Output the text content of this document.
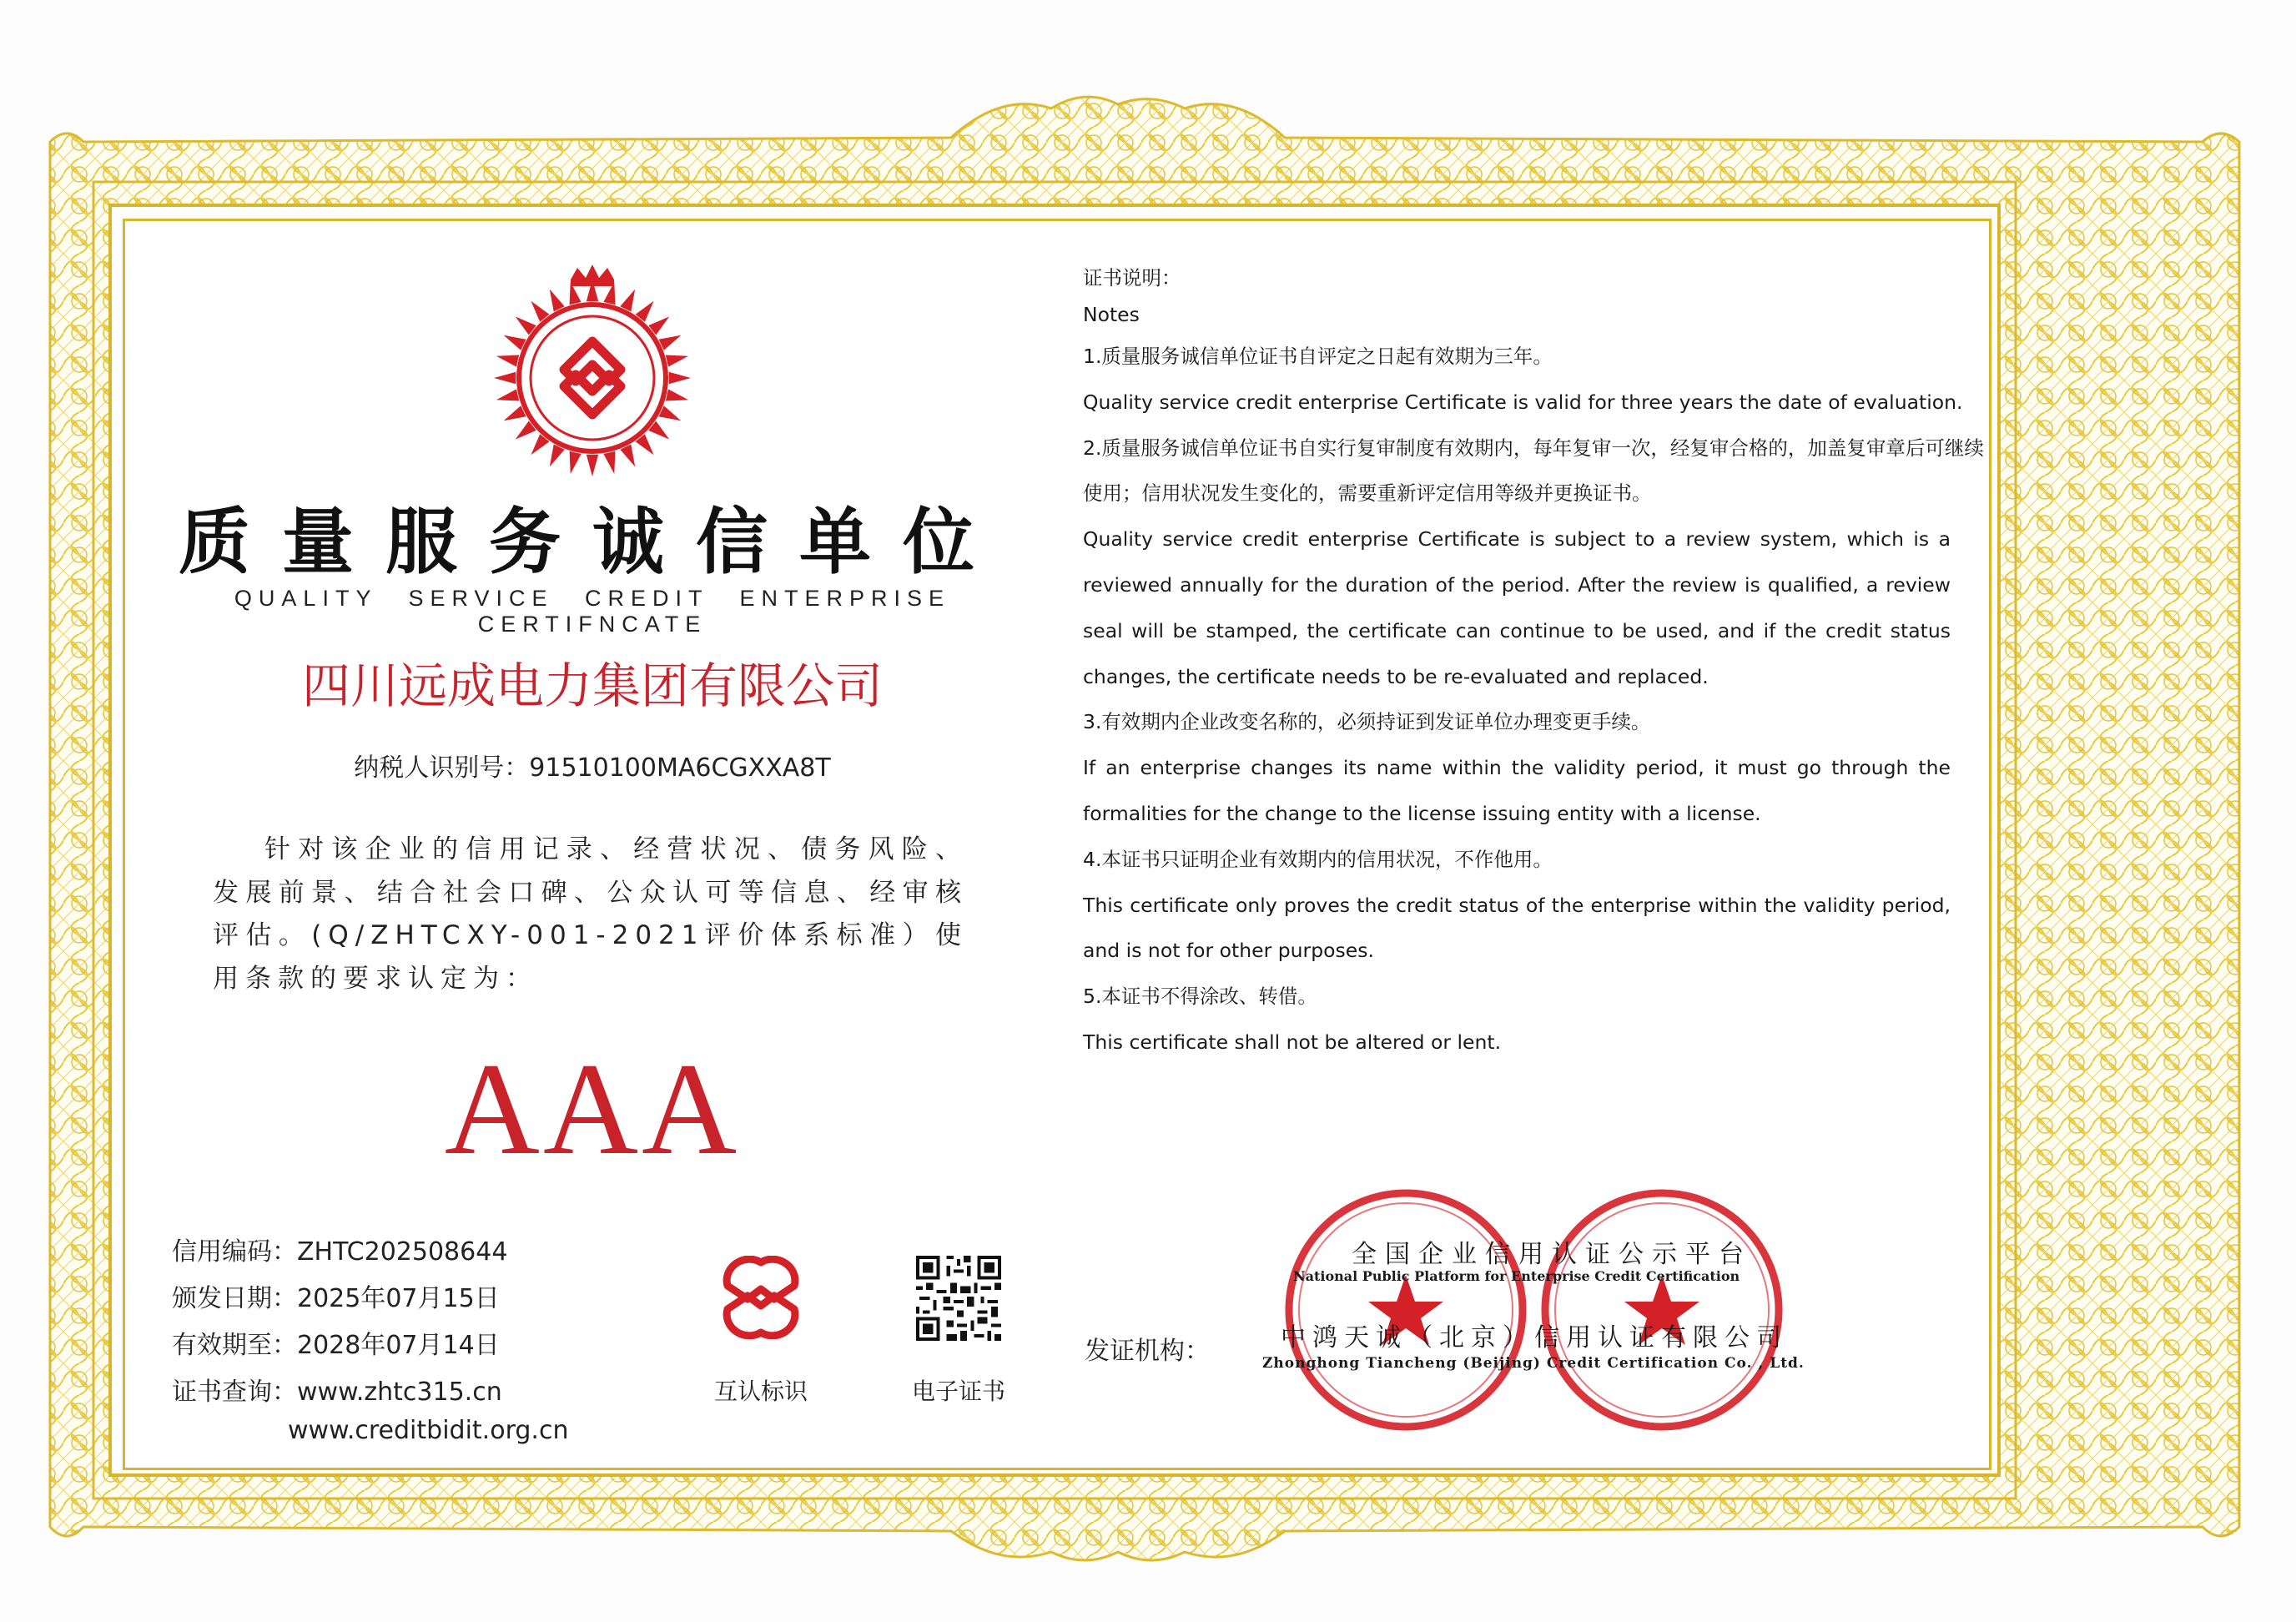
质量服务诚信单位
QUALITY SERVICE CREDIT ENTERPRISE CERTIFNCATE
四川远成电力集团有限公司
纳税人识别号：91510100MA6CGXXA8T
针对该企业的信用记录、经营状况、债务风险、发展前景、结合社会口碑、公众认可等信息、经审核评估。(Q/ZHTCXY-001-2021评价体系标准）使用条款的要求认定为：
AAA
信用编码：ZHTC202508644
颁发日期：2025年07月15日
有效期至：2028年07月14日
证书查询：www.zhtc315.cn
www.creditbidit.org.cn
互认标识	电子证书
证书说明：
Notes
1.质量服务诚信单位证书自评定之日起有效期为三年。
Quality service credit enterprise Certificate is valid for three years the date of evaluation.
2.质量服务诚信单位证书自实行复审制度有效期内，每年复审一次，经复审合格的，加盖复审章后可继续
使用；信用状况发生变化的，需要重新评定信用等级并更换证书。
Quality service credit enterprise Certificate is subject to a review system, which is a reviewed annually for the duration of the period. After the review is qualified, a review seal will be stamped, the certificate can continue to be used, and if the credit status changes, the certificate needs to be re-evaluated and replaced.
3.有效期内企业改变名称的，必须持证到发证单位办理变更手续。
If an enterprise changes its name within the validity period, it must go through the formalities for the change to the license issuing entity with a license.
4.本证书只证明企业有效期内的信用状况，不作他用。
This certificate only proves the credit status of the enterprise within the validity period, and is not for other purposes.
5.本证书不得涂改、转借。
This certificate shall not be altered or lent.
发证机构：
全国企业信用认证公示平台
National Public Platform for Enterprise Credit Certification
中鸿天诚（北京）信用认证有限公司
Zhonghong Tiancheng (Beijing) Credit Certification Co. , Ltd.
